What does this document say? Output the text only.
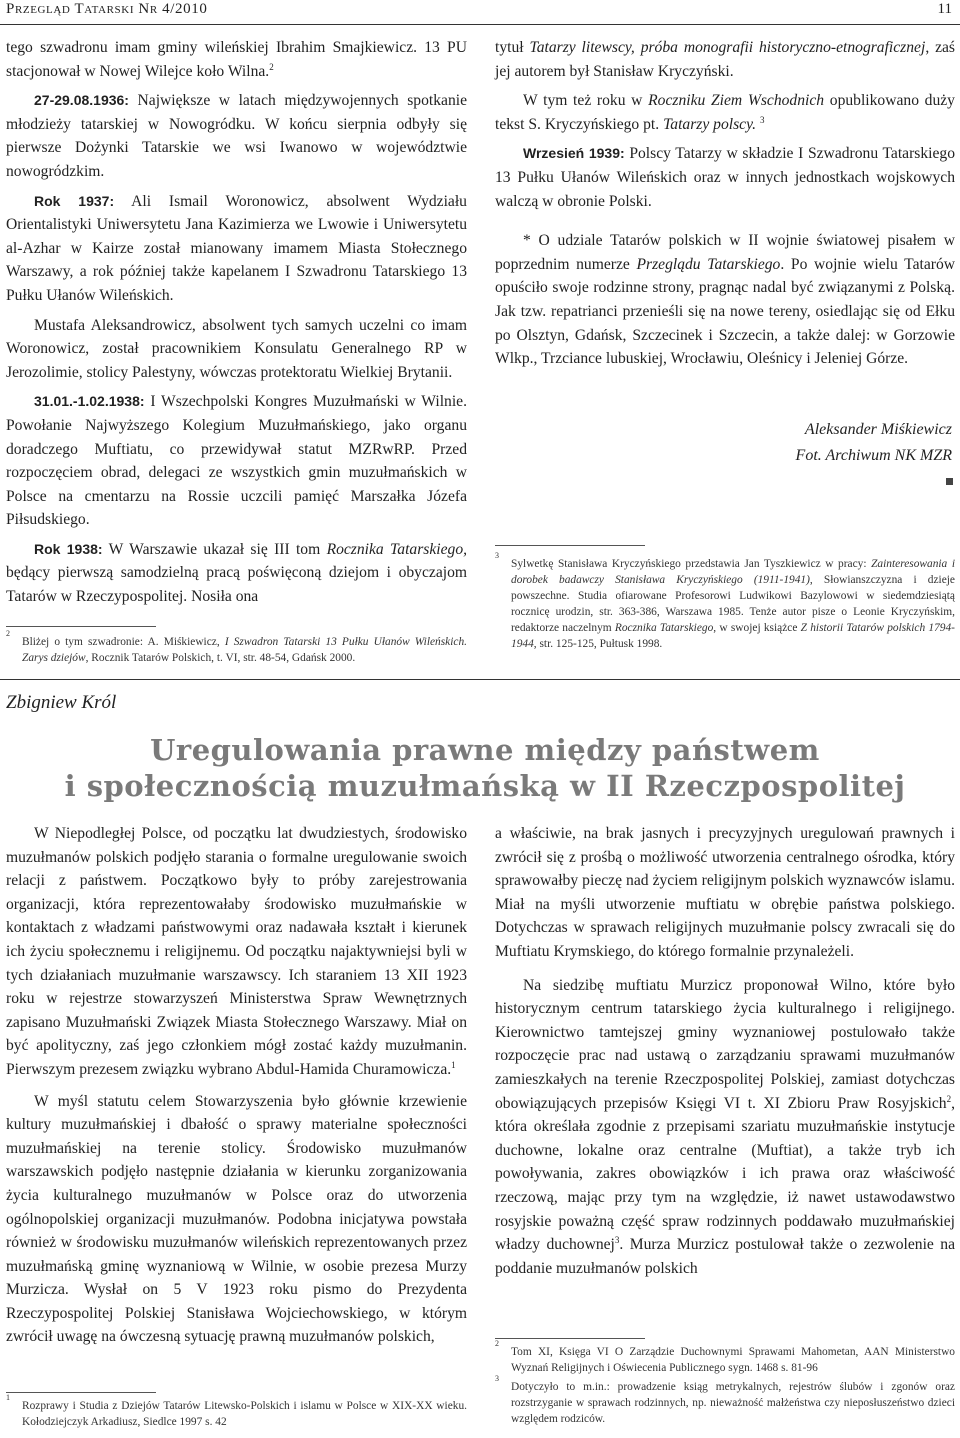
Przegląd Tatarski Nr 4/2010	11

tego szwadronu imam gminy wileńskiej Ibrahim Smajkiewicz. 13 PU stacjonował w Nowej Wilejce koło Wilna.$^2$

27-29.08.1936: Największe w latach międzywojennych spotkanie młodzieży tatarskiej w Nowogródku. W końcu sierpnia odbyły się pierwsze Dożynki Tatarskie we wsi Iwanowo w województwie nowogródzkim.

Rok 1937: Ali Ismail Woronowicz, absolwent Wydziału Orientalistyki Uniwersytetu Jana Kazimierza we Lwowie i Uniwersytetu al-Azhar w Kairze został mianowany imamem Miasta Stołecznego Warszawy, a rok później także kapelanem I Szwadronu Tatarskiego 13 Pułku Ułanów Wileńskich.

Mustafa Aleksandrowicz, absolwent tych samych uczelni co imam Woronowicz, został pracownikiem Konsulatu Generalnego RP w Jerozolimie, stolicy Palestyny, wówczas protektoratu Wielkiej Brytanii.

31.01.-1.02.1938: I Wszechpolski Kongres Muzułmański w Wilnie. Powołanie Najwyższego Kolegium Muzułmańskiego, jako organu doradczego Muftiatu, co przewidywał statut MZRwRP. Przed rozpoczęciem obrad, delegaci ze wszystkich gmin muzułmańskich w Polsce na cmentarzu na Rossie uczcili pamięć Marszałka Józefa Piłsudskiego.

Rok 1938: W Warszawie ukazał się III tom Rocznika Tatarskiego, będący pierwszą samodzielną pracą poświęconą dziejom i obyczajom Tatarów w Rzeczypospolitej. Nosiła ona

$^2$Bliżej o tym szwadronie: A. Miśkiewicz, I Szwadron Tatarski 13 Pułku Ułanów Wileńskich. Zarys dziejów, Rocznik Tatarów Polskich, t. VI, str. 48-54, Gdańsk 2000.

tytuł Tatarzy litewscy, próba monografii historyczno-etnograficznej, zaś jej autorem był Stanisław Kryczyński.

W tym też roku w Roczniku Ziem Wschodnich opublikowano duży tekst S. Kryczyńskiego pt. Tatarzy polscy. $^3$

Wrzesień 1939: Polscy Tatarzy w składzie I Szwadronu Tatarskiego 13 Pułku Ułanów Wileńskich oraz w innych jednostkach wojskowych walczą w obronie Polski.

* O udziale Tatarów polskich w II wojnie światowej pisałem w poprzednim numerze Przeglądu Tatarskiego. Po wojnie wielu Tatarów opuściło swoje rodzinne strony, pragnąc nadal być związanymi z Polską. Jak tzw. repatrianci przenieśli się na nowe tereny, osiedlając się od Ełku po Olsztyn, Gdańsk, Szczecinek i Szczecin, a także dalej: w Gorzowie Wlkp., Trzciance lubuskiej, Wrocławiu, Oleśnicy i Jeleniej Górze.

Aleksander Miśkiewicz
Fot. Archiwum NK MZR

$^3$Sylwetkę Stanisława Kryczyńskiego przedstawia Jan Tyszkiewicz w pracy: Zainteresowania i dorobek badawczy Stanisława Kryczyńskiego (1911-1941), Słowianszczyzna i dzieje powszechne. Studia ofiarowane Profesorowi Ludwikowi Bazylowowi w siedemdziesiątą rocznicę urodzin, str. 363-386, Warszawa 1985. Tenże autor pisze o Leonie Kryczyńskim, redaktorze naczelnym Rocznika Tatarskiego, w swojej książce Z historii Tatarów polskich 1794-1944, str. 125-125, Pułtusk 1998.

Zbigniew Król
Uregulowania prawne między państwem
i społecznością muzułmańską w II Rzeczpospolitej

W Niepodległej Polsce, od początku lat dwudziestych, środowisko muzułmanów polskich podjęło starania o formalne uregulowanie swoich relacji z państwem. Początkowo były to próby zarejestrowania organizacji, która reprezentowałaby środowisko muzułmańskie w kontaktach z władzami państwowymi oraz nadawała kształt i kierunek ich życiu społecznemu i religijnemu. Od początku najaktywniejsi byli w tych działaniach muzułmanie warszawscy. Ich staraniem 13 XII 1923 roku w rejestrze stowarzyszeń Ministerstwa Spraw Wewnętrznych zapisano Muzułmański Związek Miasta Stołecznego Warszawy. Miał on być apolityczny, zaś jego członkiem mógł zostać każdy muzułmanin. Pierwszym prezesem związku wybrano Abdul-Hamida Churamowicza.$^1$

W myśl statutu celem Stowarzyszenia było głównie krzewienie kultury muzułmańskiej i dbałość o sprawy materialne społeczności muzułmańskiej na terenie stolicy. Środowisko muzułmanów warszawskich podjęło następnie działania w kierunku zorganizowania życia kulturalnego muzułmanów w Polsce oraz do utworzenia ogólnopolskiej organizacji muzułmanów. Podobna inicjatywa powstała również w środowisku muzułmanów wileńskich reprezentowanych przez muzułmańską gminę wyznaniową w Wilnie, w osobie prezesa Murzy Murzicza. Wysłał on 5 V 1923 roku pismo do Prezydenta Rzeczypospolitej Polskiej Stanisława Wojciechowskiego, w którym zwrócił uwagę na ówczesną sytuację prawną muzułmanów polskich,

$^1$Rozprawy i Studia z Dziejów Tatarów Litewsko-Polskich i islamu w Polsce w XIX-XX wieku. Kołodziejczyk Arkadiusz, Siedlce 1997 s. 42

a właściwie, na brak jasnych i precyzyjnych uregulowań prawnych i zwrócił się z prośbą o możliwość utworzenia centralnego ośrodka, który sprawowałby pieczę nad życiem religijnym polskich wyznawców islamu. Miał na myśli utworzenie muftiatu w obrębie państwa polskiego. Dotychczas w sprawach religijnych muzułmanie polscy zwracali się do Muftiatu Krymskiego, do którego formalnie przynależeli.

Na siedzibę muftiatu Murzicz proponował Wilno, które było historycznym centrum tatarskiego życia kulturalnego i religijnego. Kierownictwo tamtejszej gminy wyznaniowej postulowało także rozpoczęcie prac nad ustawą o zarządzaniu sprawami muzułmanów zamieszkałych na terenie Rzeczpospolitej Polskiej, zamiast dotychczas obowiązujących przepisów Księgi VI t. XI Zbioru Praw Rosyjskich$^2$, która określała zgodnie z przepisami szariatu muzułmańskie instytucje duchowne, lokalne oraz centralne (Muftiat), a także tryb ich powoływania, zakres obowiązków i ich prawa oraz właściwość rzeczową, mając przy tym na względzie, iż nawet ustawodawstwo rosyjskie poważną część spraw rodzinnych poddawało muzułmańskiej władzy duchownej$^3$. Murza Murzicz postulował także o zezwolenie na poddanie muzułmanów polskich

$^2$Tom XI, Księga VI O Zarządzie Duchownymi Sprawami Mahometan, AAN Ministerstwo Wyznań Religijnych i Oświecenia Publicznego sygn. 1468 s. 81-96

$^3$Dotyczyło to m.in.: prowadzenie ksiąg metrykalnych, rejestrów ślubów i zgonów oraz rozstrzyganie w sprawach rodzinnych, np. nieważność małżeństwa czy nieposłuszeństwo dzieci względem rodziców.
